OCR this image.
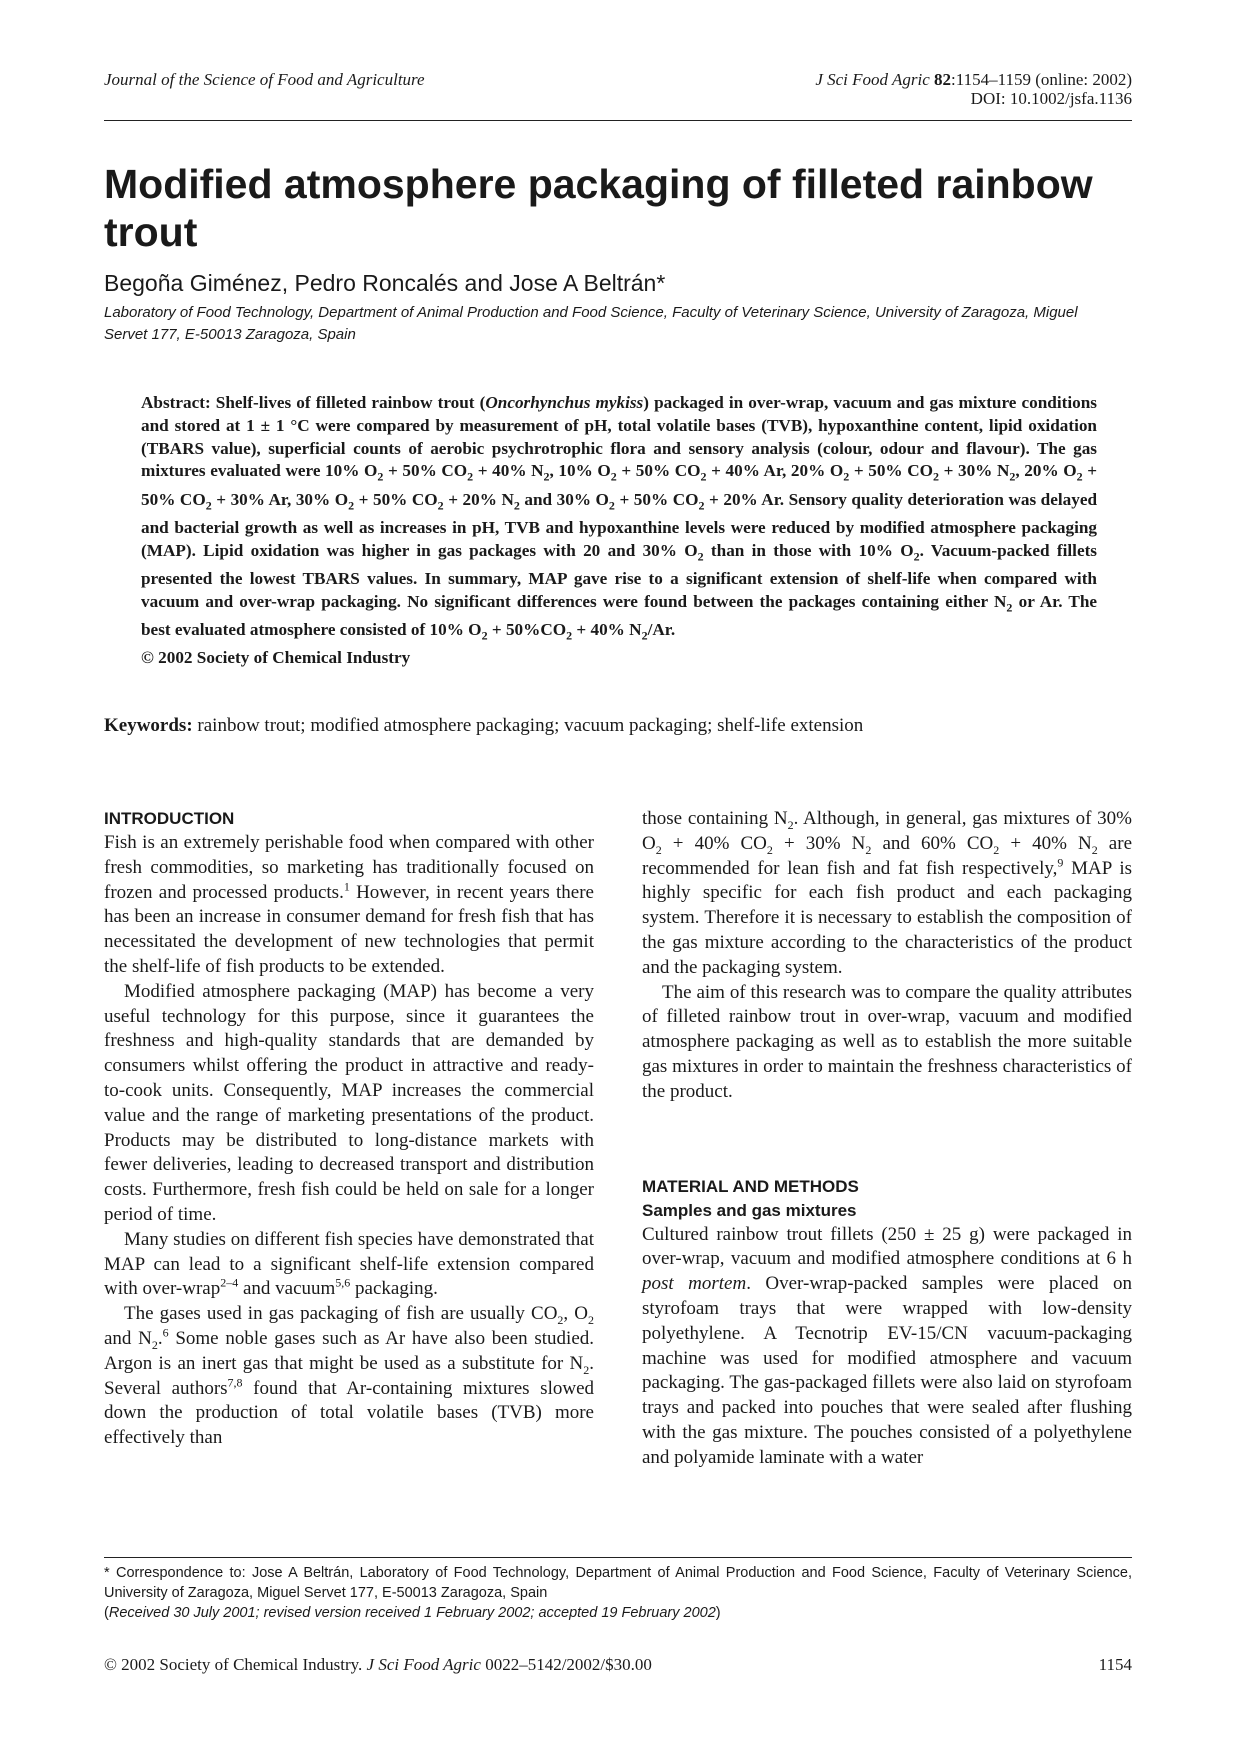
Journal of the Science of Food and Agriculture	J Sci Food Agric 82:1154–1159 (online: 2002)
DOI: 10.1002/jsfa.1136
Modified atmosphere packaging of filleted rainbow trout
Begoña Giménez, Pedro Roncalés and Jose A Beltrán*
Laboratory of Food Technology, Department of Animal Production and Food Science, Faculty of Veterinary Science, University of Zaragoza, Miguel Servet 177, E-50013 Zaragoza, Spain
Abstract: Shelf-lives of filleted rainbow trout (Oncorhynchus mykiss) packaged in over-wrap, vacuum and gas mixture conditions and stored at 1 ± 1 °C were compared by measurement of pH, total volatile bases (TVB), hypoxanthine content, lipid oxidation (TBARS value), superficial counts of aerobic psychrotrophic flora and sensory analysis (colour, odour and flavour). The gas mixtures evaluated were 10% $O_2 + 50\%$ $CO_2 + 40\%$ $N_2$, 10% $O_2 + 50\%$ $CO_2 + 40\%$ Ar, 20% $O_2 + 50\%$ $CO_2 + 30\%$ $N_2$, 20% $O_2 + 50\%$ $CO_2 + 30\%$ Ar, 30% $O_2 + 50\%$ $CO_2 + 20\%$ $N_2$ and 30% $O_2 + 50\%$ $CO_2 + 20\%$ Ar. Sensory quality deterioration was delayed and bacterial growth as well as increases in pH, TVB and hypoxanthine levels were reduced by modified atmosphere packaging (MAP). Lipid oxidation was higher in gas packages with 20 and 30% $O_2$ than in those with 10% $O_2$. Vacuum-packed fillets presented the lowest TBARS values. In summary, MAP gave rise to a significant extension of shelf-life when compared with vacuum and over-wrap packaging. No significant differences were found between the packages containing either $N_2$ or Ar. The best evaluated atmosphere consisted of 10% $O_2 + 50\%CO_2 + 40\%$ $N_2/Ar$.
© 2002 Society of Chemical Industry
Keywords: rainbow trout; modified atmosphere packaging; vacuum packaging; shelf-life extension
INTRODUCTION

Fish is an extremely perishable food when compared with other fresh commodities, so marketing has traditionally focused on frozen and processed products.$^1$ However, in recent years there has been an increase in consumer demand for fresh fish that has necessitated the development of new technologies that permit the shelf-life of fish products to be extended.

Modified atmosphere packaging (MAP) has become a very useful technology for this purpose, since it guarantees the freshness and high-quality standards that are demanded by consumers whilst offering the product in attractive and ready-to-cook units. Consequently, MAP increases the commercial value and the range of marketing presentations of the product. Products may be distributed to long-distance markets with fewer deliveries, leading to decreased transport and distribution costs. Furthermore, fresh fish could be held on sale for a longer period of time.

Many studies on different fish species have demonstrated that MAP can lead to a significant shelf-life extension compared with over-wrap$^{2-4}$ and vacuum$^{5,6}$ packaging.

The gases used in gas packaging of fish are usually $CO_2$, $O_2$ and $N_2.^6$ Some noble gases such as Ar have also been studied. Argon is an inert gas that might be used as a substitute for $N_2$. Several authors$^{7,8}$ found that Ar-containing mixtures slowed down the production of total volatile bases (TVB) more effectively than

those containing $N_2$. Although, in general, gas mixtures of 30% $O_2 + 40\%$ $CO_2 + 30\%$ $N_2$ and 60% $CO_2 + 40\%$ $N_2$ are recommended for lean fish and fat fish respectively,$^9$ MAP is highly specific for each fish product and each packaging system. Therefore it is necessary to establish the composition of the gas mixture according to the characteristics of the product and the packaging system.

The aim of this research was to compare the quality attributes of filleted rainbow trout in over-wrap, vacuum and modified atmosphere packaging as well as to establish the more suitable gas mixtures in order to maintain the freshness characteristics of the product.

MATERIAL AND METHODS
Samples and gas mixtures

Cultured rainbow trout fillets (250 ± 25 g) were packaged in over-wrap, vacuum and modified atmosphere conditions at 6 h post mortem. Over-wrap-packed samples were placed on styrofoam trays that were wrapped with low-density polyethylene. A Tecnotrip EV-15/CN vacuum-packaging machine was used for modified atmosphere and vacuum packaging. The gas-packaged fillets were also laid on styrofoam trays and packed into pouches that were sealed after flushing with the gas mixture. The pouches consisted of a polyethylene and polyamide laminate with a water

* Correspondence to: Jose A Beltrán, Laboratory of Food Technology, Department of Animal Production and Food Science, Faculty of Veterinary Science, University of Zaragoza, Miguel Servet 177, E-50013 Zaragoza, Spain
(Received 30 July 2001; revised version received 1 February 2002; accepted 19 February 2002)
© 2002 Society of Chemical Industry. J Sci Food Agric 0022–5142/2002/$30.00	1154
